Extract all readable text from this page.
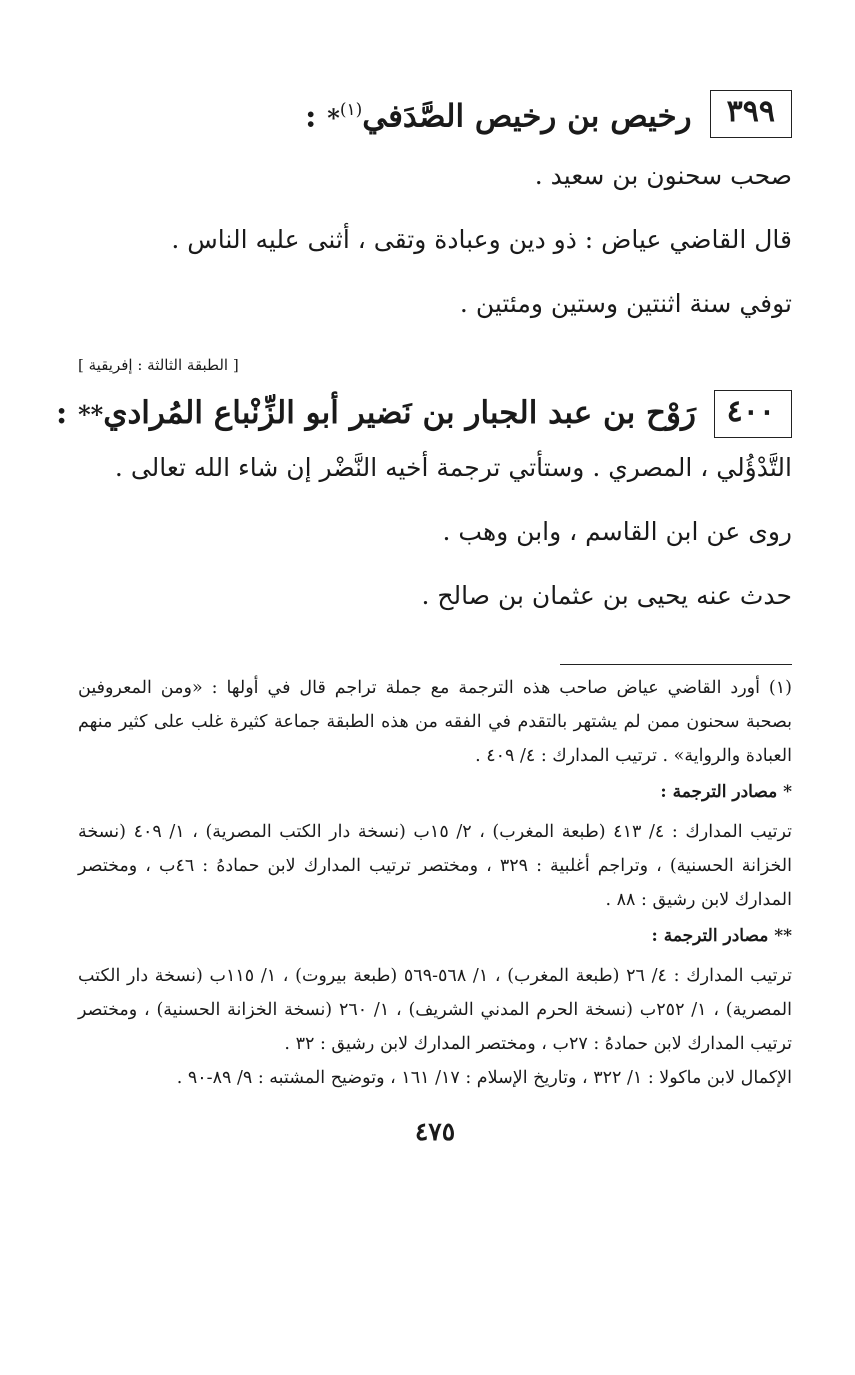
٣٩٩
رخيص بن رخيص الصَّدَفي$^{(١)}$* :
صحب سحنون بن سعيد .
قال القاضي عياض : ذو دين وعبادة وتقى ، أثنى عليه الناس .
توفي سنة اثنتين وستين ومئتين .
[ الطبقة الثالثة : إفريقية ]
٤٠٠
رَوْح بن عبد الجبار بن نَضير أبو الزِّنْباع المُرادي** :
التَّدْؤُلي ، المصري . وستأتي ترجمة أخيه النَّضْر إن شاء الله تعالى .
روى عن ابن القاسم ، وابن وهب .
حدث عنه يحيى بن عثمان بن صالح .

(١) أورد القاضي عياض صاحب هذه الترجمة مع جملة تراجم قال في أولها : «ومن المعروفين بصحبة سحنون ممن لم يشتهر بالتقدم في الفقه من هذه الطبقة جماعة كثيرة غلب على كثير منهم العبادة والرواية» . ترتيب المدارك : ٤/ ٤٠٩ .

* مصادر الترجمة :

ترتيب المدارك : ٤/ ٤١٣ (طبعة المغرب) ، ٢/ ١٥ب (نسخة دار الكتب المصرية) ، ١/ ٤٠٩ (نسخة الخزانة الحسنية) ، وتراجم أغلبية : ٣٢٩ ، ومختصر ترتيب المدارك لابن حمادهُ : ٤٦ب ، ومختصر المدارك لابن رشيق : ٨٨ .

** مصادر الترجمة :

ترتيب المدارك : ٤/ ٢٦ (طبعة المغرب) ، ١/ ٥٦٨-٥٦٩ (طبعة بيروت) ، ١/ ١١٥ب (نسخة دار الكتب المصرية) ، ١/ ٢٥٢ب (نسخة الحرم المدني الشريف) ، ١/ ٢٦٠ (نسخة الخزانة الحسنية) ، ومختصر ترتيب المدارك لابن حمادهُ : ٢٧ب ، ومختصر المدارك لابن رشيق : ٣٢ .

الإكمال لابن ماكولا : ١/ ٣٢٢ ، وتاريخ الإسلام : ١٧/ ١٦١ ، وتوضيح المشتبه : ٩/ ٨٩-٩٠ .

٤٧٥
